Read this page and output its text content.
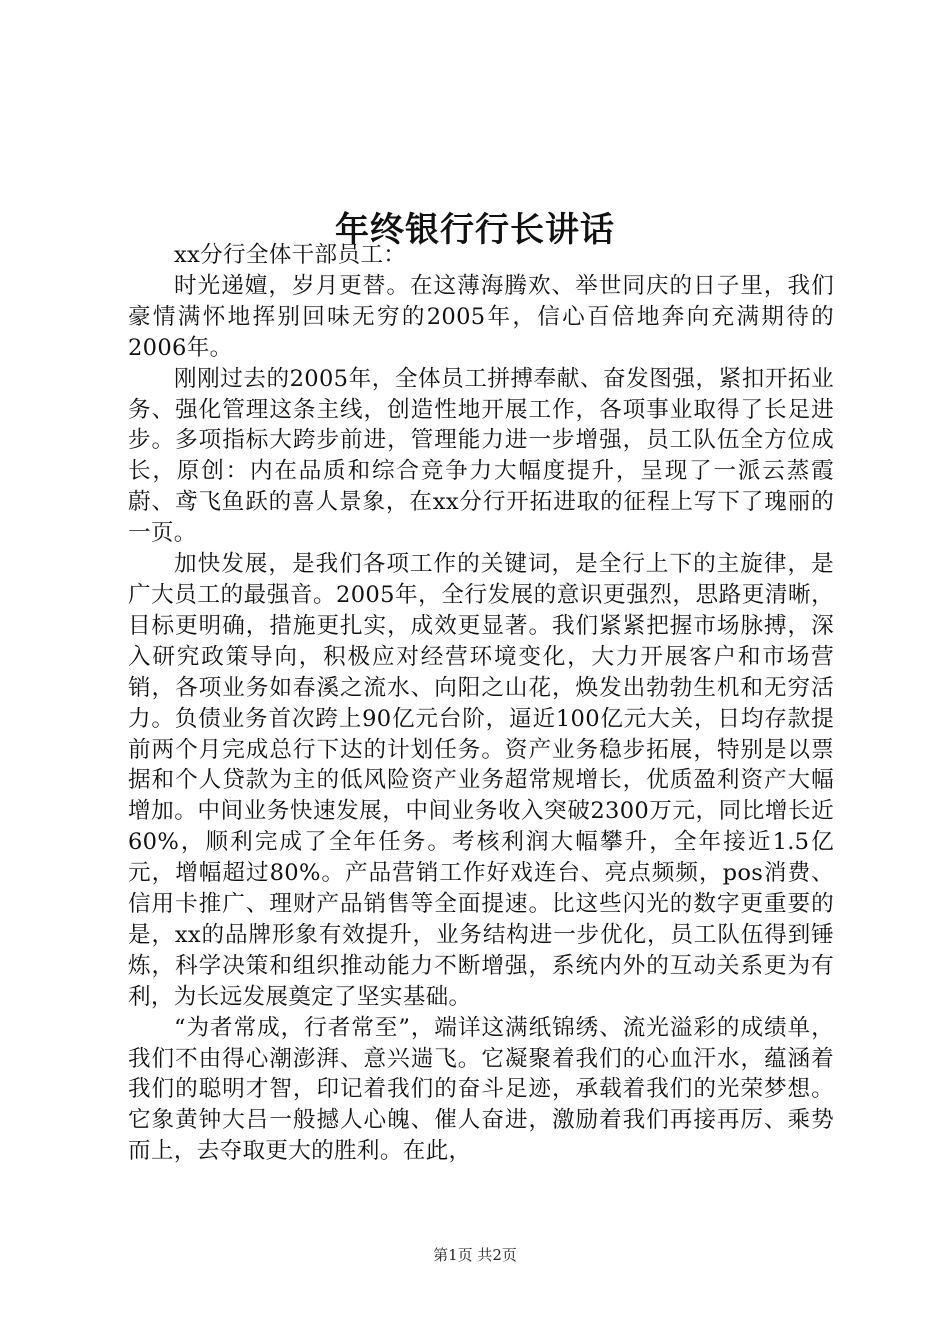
年终银行行长讲话

xx分行全体干部员工：

时光递嬗，岁月更替。在这薄海腾欢、举世同庆的日子里，我们豪情满怀地挥别回味无穷的2005年，信心百倍地奔向充满期待的2006年。

刚刚过去的2005年，全体员工拼搏奉献、奋发图强，紧扣开拓业务、强化管理这条主线，创造性地开展工作，各项事业取得了长足进步。多项指标大跨步前进，管理能力进一步增强，员工队伍全方位成长，原创：内在品质和综合竞争力大幅度提升，呈现了一派云蒸霞蔚、鸢飞鱼跃的喜人景象，在xx分行开拓进取的征程上写下了瑰丽的一页。

加快发展，是我们各项工作的关键词，是全行上下的主旋律，是广大员工的最强音。2005年，全行发展的意识更强烈，思路更清晰，目标更明确，措施更扎实，成效更显著。我们紧紧把握市场脉搏，深入研究政策导向，积极应对经营环境变化，大力开展客户和市场营销，各项业务如春溪之流水、向阳之山花，焕发出勃勃生机和无穷活力。负债业务首次跨上90亿元台阶，逼近100亿元大关，日均存款提前两个月完成总行下达的计划任务。资产业务稳步拓展，特别是以票据和个人贷款为主的低风险资产业务超常规增长，优质盈利资产大幅增加。中间业务快速发展，中间业务收入突破2300万元，同比增长近60%，顺利完成了全年任务。考核利润大幅攀升，全年接近1.5亿元，增幅超过80%。产品营销工作好戏连台、亮点频频，pos消费、信用卡推广、理财产品销售等全面提速。比这些闪光的数字更重要的是，xx的品牌形象有效提升，业务结构进一步优化，员工队伍得到锤炼，科学决策和组织推动能力不断增强，系统内外的互动关系更为有利，为长远发展奠定了坚实基础。

“为者常成，行者常至”，端详这满纸锦绣、流光溢彩的成绩单，我们不由得心潮澎湃、意兴遄飞。它凝聚着我们的心血汗水，蕴涵着我们的聪明才智，印记着我们的奋斗足迹，承载着我们的光荣梦想。它象黄钟大吕一般撼人心魄、催人奋进，激励着我们再接再厉、乘势而上，去夺取更大的胜利。在此，

第1页 共2页
